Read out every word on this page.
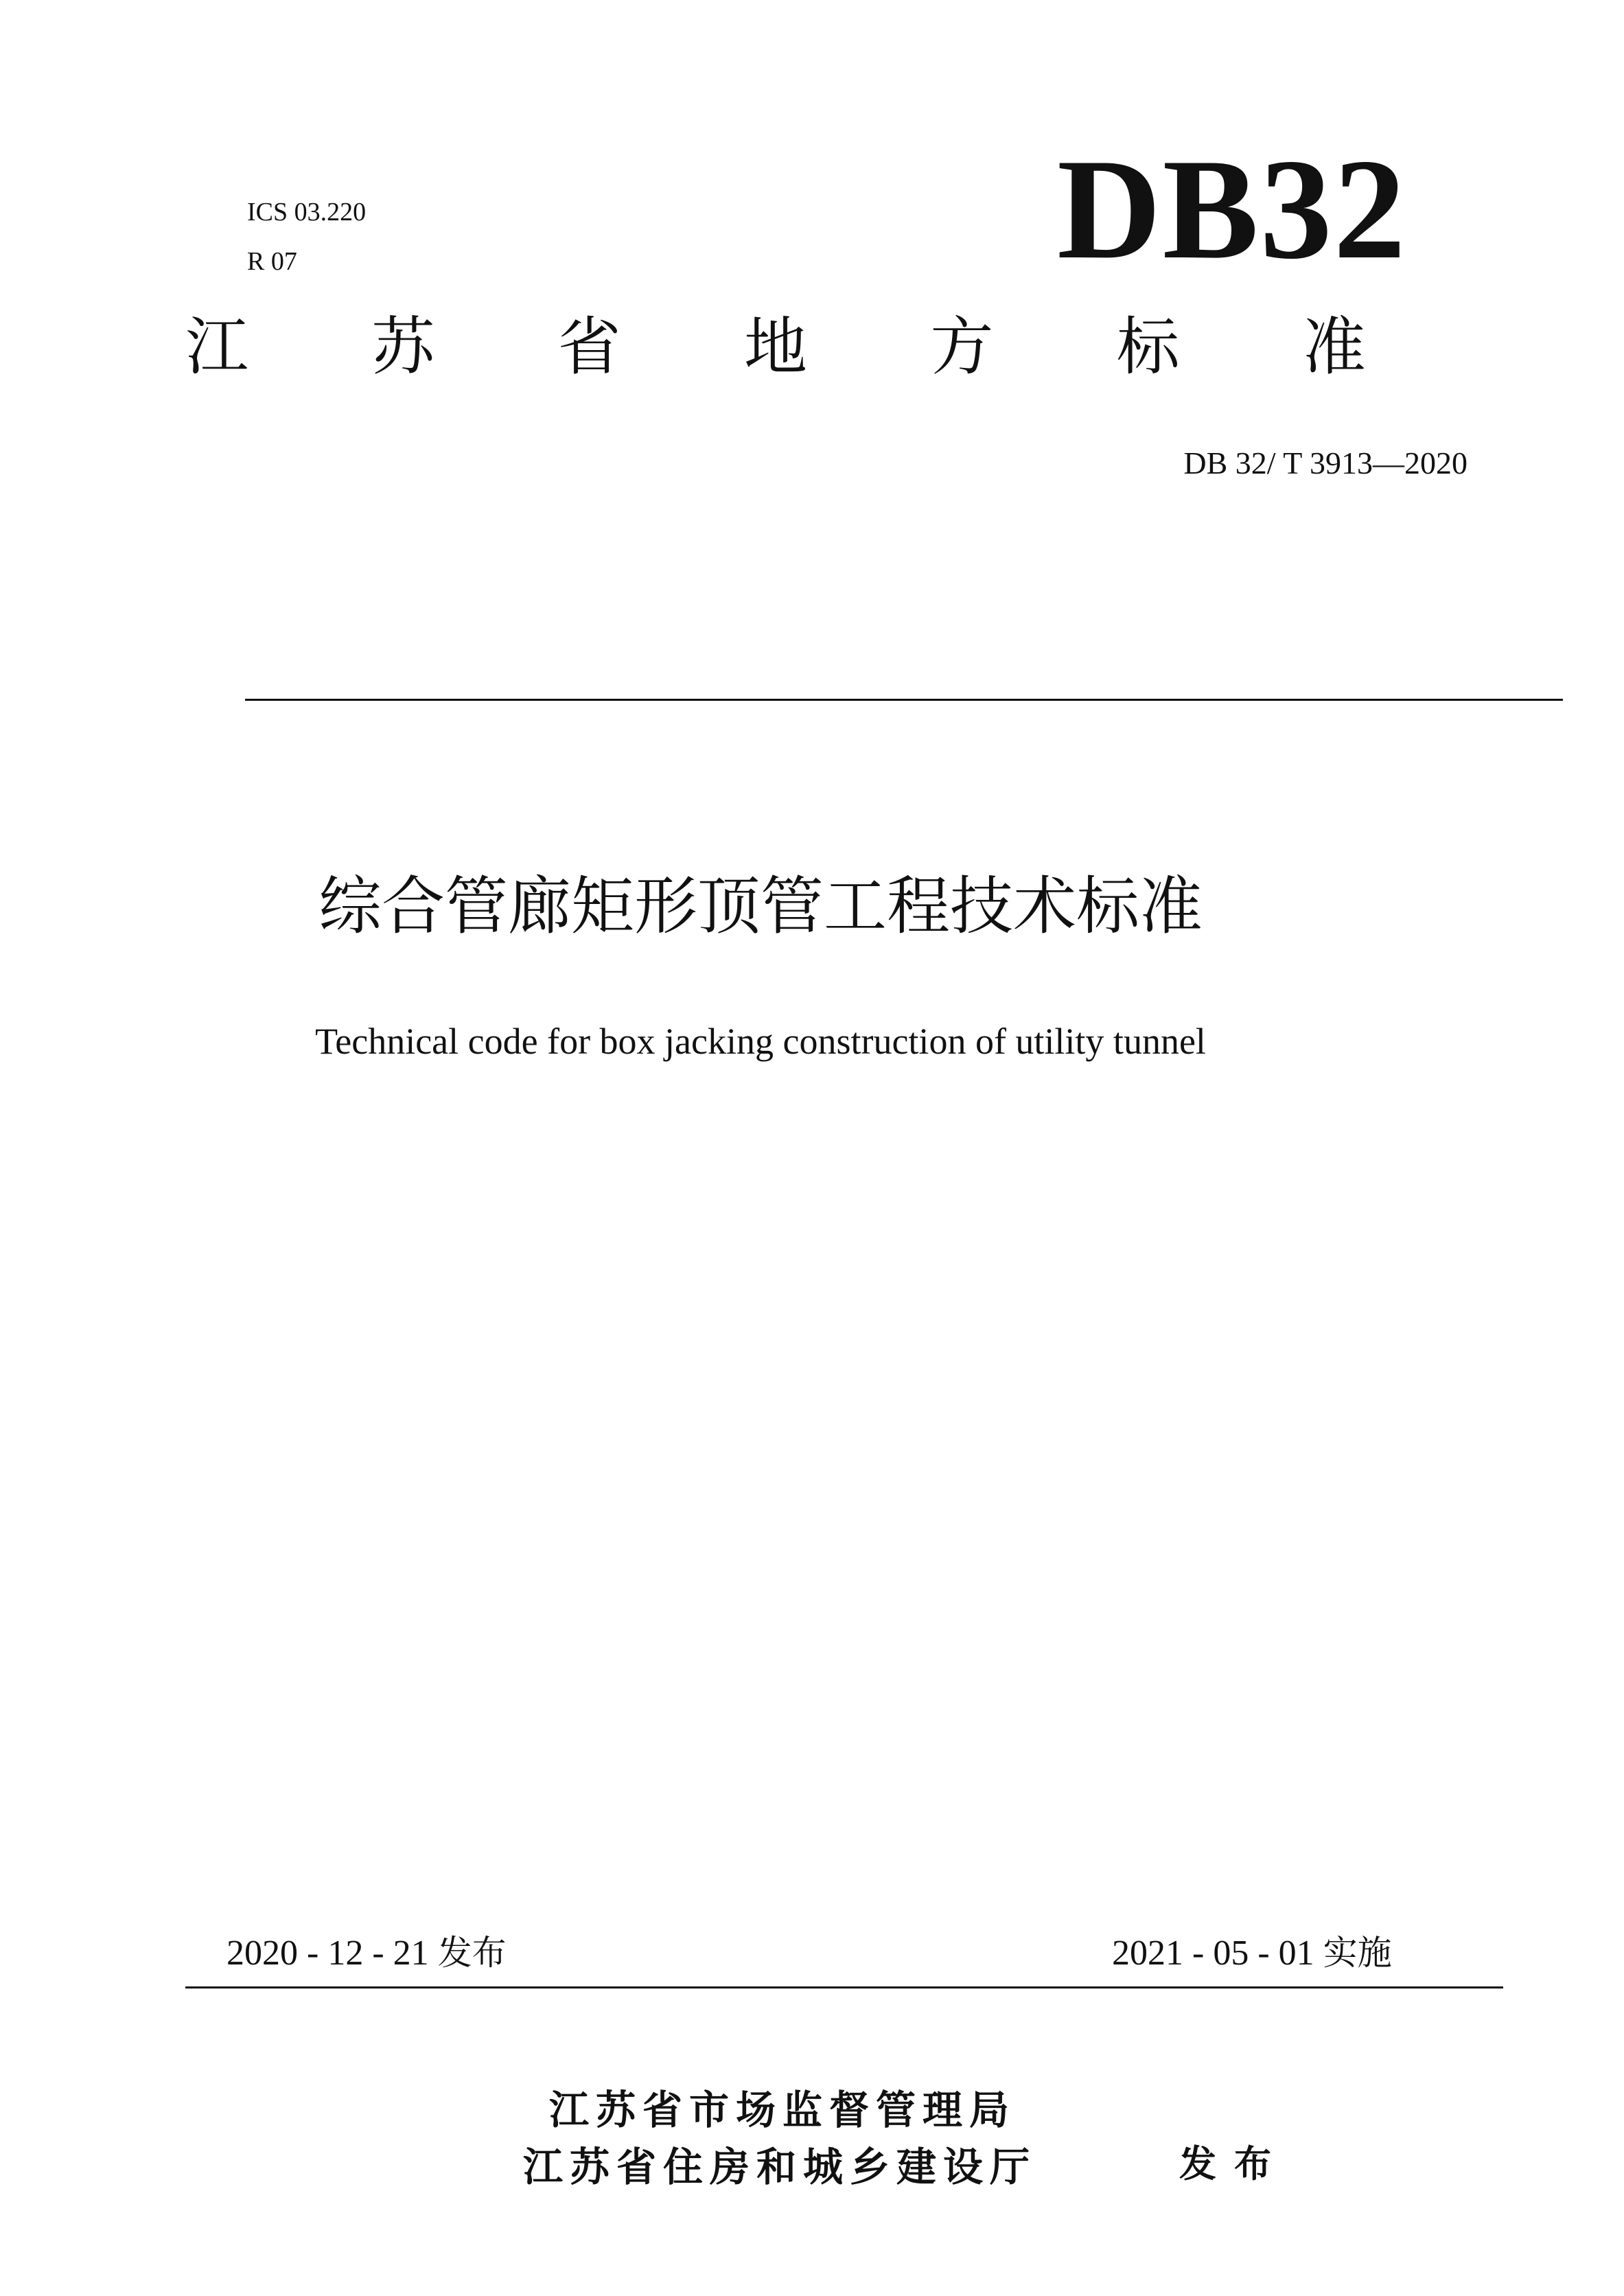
ICS 03.220
R 07	DB32
江 苏 省 地 方 标 准
DB 32/ T 3913—2020
综合管廊矩形顶管工程技术标准
Technical code for box jacking construction of utility tunnel
2020 - 12 - 21 发布	2021 - 05 - 01 实施
江苏省市场监督管理局
江苏省住房和城乡建设厅	发布
